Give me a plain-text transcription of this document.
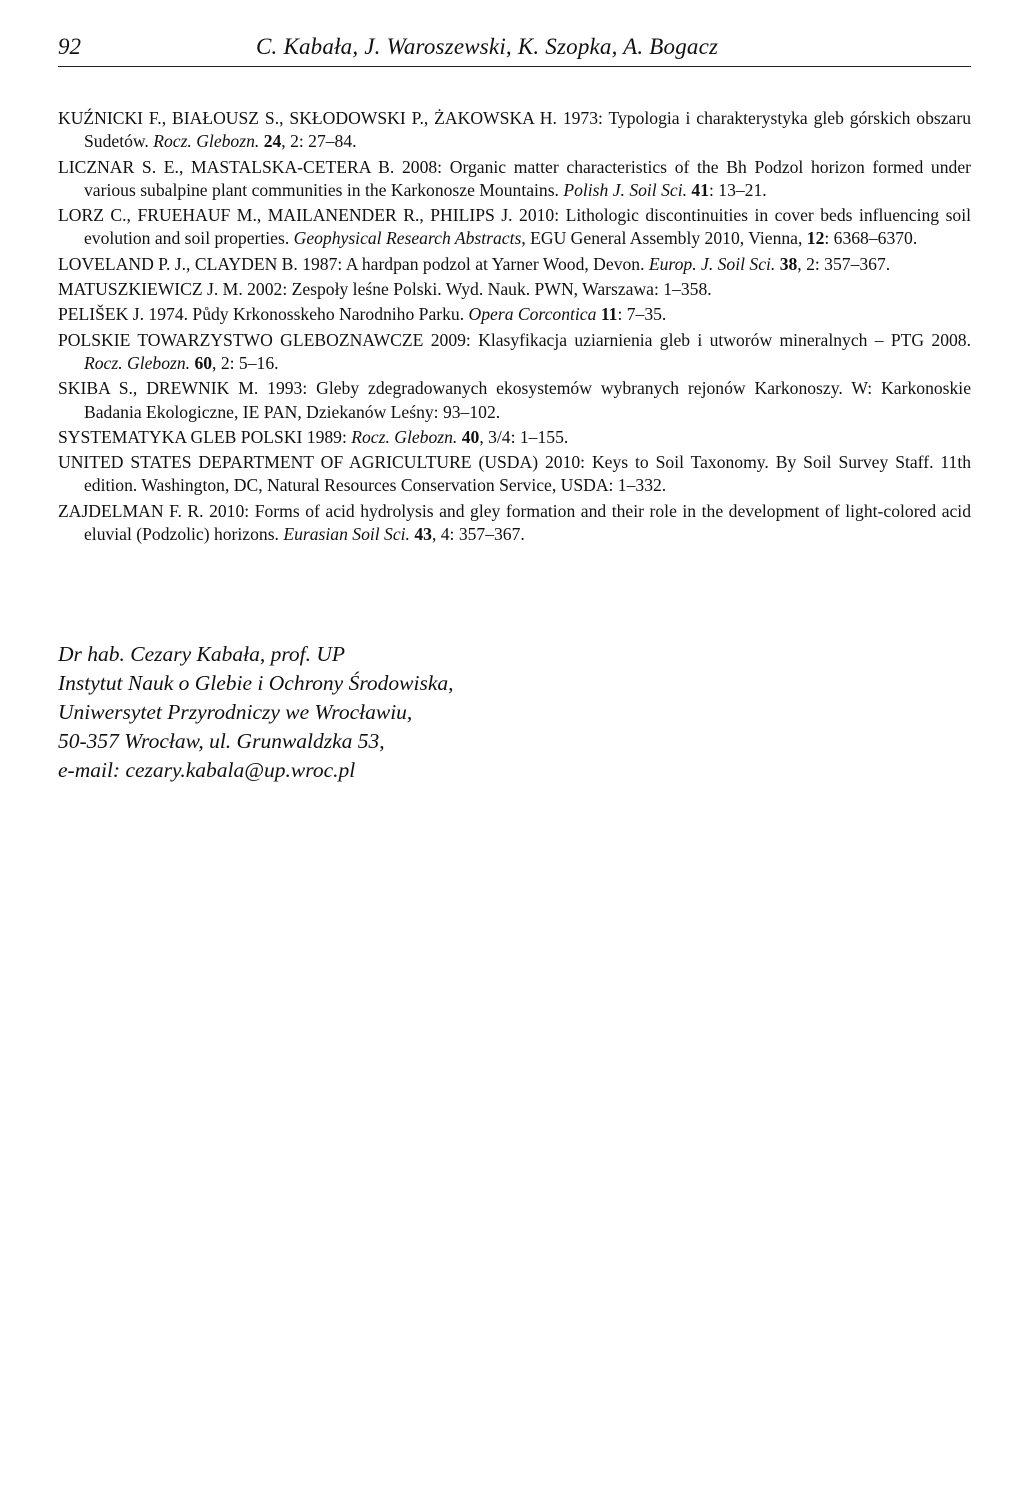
92	C. Kabała, J. Waroszewski, K. Szopka, A. Bogacz

KUŹNICKI F., BIAŁOUSZ S., SKŁODOWSKI P., ŻAKOWSKA H. 1973: Typologia i charakterystyka gleb górskich obszaru Sudetów. Rocz. Glebozn. 24, 2: 27–84.

LICZNAR S. E., MASTALSKA-CETERA B. 2008: Organic matter characteristics of the Bh Podzol horizon formed under various subalpine plant communities in the Karkonosze Mountains. Polish J. Soil Sci. 41: 13–21.

LORZ C., FRUEHAUF M., MAILANENDER R., PHILIPS J. 2010: Lithologic discontinuities in cover beds influencing soil evolution and soil properties. Geophysical Research Abstracts, EGU General Assembly 2010, Vienna, 12: 6368–6370.

LOVELAND P. J., CLAYDEN B. 1987: A hardpan podzol at Yarner Wood, Devon. Europ. J. Soil Sci. 38, 2: 357–367.

MATUSZKIEWICZ J. M. 2002: Zespoły leśne Polski. Wyd. Nauk. PWN, Warszawa: 1–358.

PELIŠEK J. 1974. Půdy Krkonosskeho Narodniho Parku. Opera Corcontica 11: 7–35.

POLSKIE TOWARZYSTWO GLEBOZNAWCZE 2009: Klasyfikacja uziarnienia gleb i utworów mineralnych – PTG 2008. Rocz. Glebozn. 60, 2: 5–16.

SKIBA S., DREWNIK M. 1993: Gleby zdegradowanych ekosystemów wybranych rejonów Karkonoszy. W: Karkonoskie Badania Ekologiczne, IE PAN, Dziekanów Leśny: 93–102.

SYSTEMATYKA GLEB POLSKI 1989: Rocz. Glebozn. 40, 3/4: 1–155.

UNITED STATES DEPARTMENT OF AGRICULTURE (USDA) 2010: Keys to Soil Taxonomy. By Soil Survey Staff. 11th edition. Washington, DC, Natural Resources Conservation Service, USDA: 1–332.

ZAJDELMAN F. R. 2010: Forms of acid hydrolysis and gley formation and their role in the development of light-colored acid eluvial (Podzolic) horizons. Eurasian Soil Sci. 43, 4: 357–367.

Dr hab. Cezary Kabała, prof. UP
Instytut Nauk o Glebie i Ochrony Środowiska,
Uniwersytet Przyrodniczy we Wrocławiu,
50-357 Wrocław, ul. Grunwaldzka 53,
e-mail: cezary.kabala@up.wroc.pl
